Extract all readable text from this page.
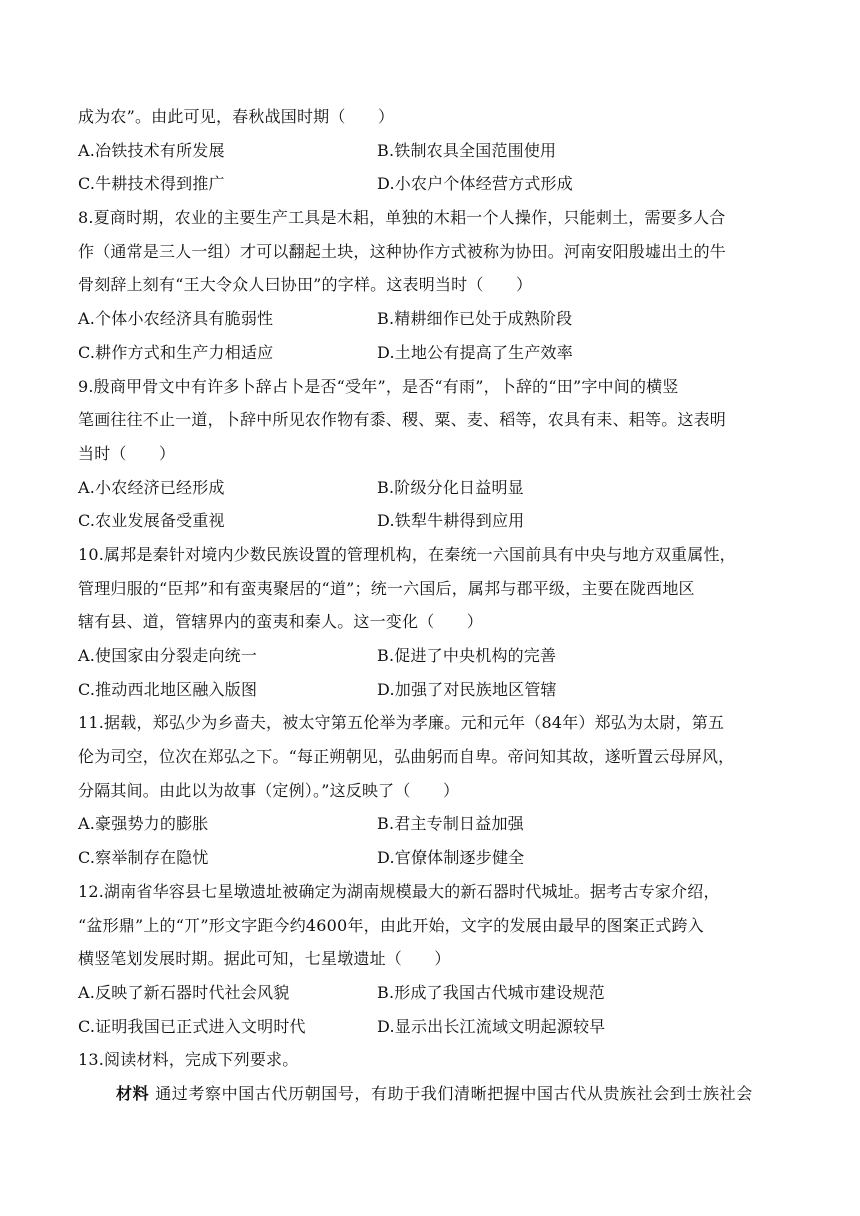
成为农”。由此可见，春秋战国时期（　　）
A.冶铁技术有所发展	B.铁制农具全国范围使用
C.牛耕技术得到推广	D.小农户个体经营方式形成
8.夏商时期，农业的主要生产工具是木耜，单独的木耜一个人操作，只能刺土，需要多人合
作（通常是三人一组）才可以翻起土块，这种协作方式被称为协田。河南安阳殷墟出土的牛
骨刻辞上刻有“王大令众人曰协田”的字样。这表明当时（　　）
A.个体小农经济具有脆弱性	B.精耕细作已处于成熟阶段
C.耕作方式和生产力相适应	D.土地公有提高了生产效率
9.殷商甲骨文中有许多卜辞占卜是否“受年”，是否“有雨”，卜辞的“田”字中间的横竖
笔画往往不止一道，卜辞中所见农作物有黍、稷、粟、麦、稻等，农具有耒、耜等。这表明
当时（　　）
A.小农经济已经形成	B.阶级分化日益明显
C.农业发展备受重视	D.铁犁牛耕得到应用
10.属邦是秦针对境内少数民族设置的管理机构，在秦统一六国前具有中央与地方双重属性，
管理归服的“臣邦”和有蛮夷聚居的“道”；统一六国后，属邦与郡平级，主要在陇西地区
辖有县、道，管辖界内的蛮夷和秦人。这一变化（　　）
A.使国家由分裂走向统一	B.促进了中央机构的完善
C.推动西北地区融入版图	D.加强了对民族地区管辖
11.据载，郑弘少为乡啬夫，被太守第五伦举为孝廉。元和元年（84年）郑弘为太尉，第五
伦为司空，位次在郑弘之下。“每正朔朝见，弘曲躬而自卑。帝问知其故，遂听置云母屏风，
分隔其间。由此以为故事（定例）。”这反映了（　　）
A.豪强势力的膨胀	B.君主专制日益加强
C.察举制存在隐忧	D.官僚体制逐步健全
12.湖南省华容县七星墩遗址被确定为湖南规模最大的新石器时代城址。据考古专家介绍，
“盆形鼎”上的“丌”形文字距今约4600年，由此开始，文字的发展由最早的图案正式跨入
横竖笔划发展时期。据此可知，七星墩遗址（　　）
A.反映了新石器时代社会风貌	B.形成了我国古代城市建设规范
C.证明我国已正式进入文明时代	D.显示出长江流域文明起源较早
13.阅读材料，完成下列要求。
材料 通过考察中国古代历朝国号，有助于我们清晰把握中国古代从贵族社会到士族社会
